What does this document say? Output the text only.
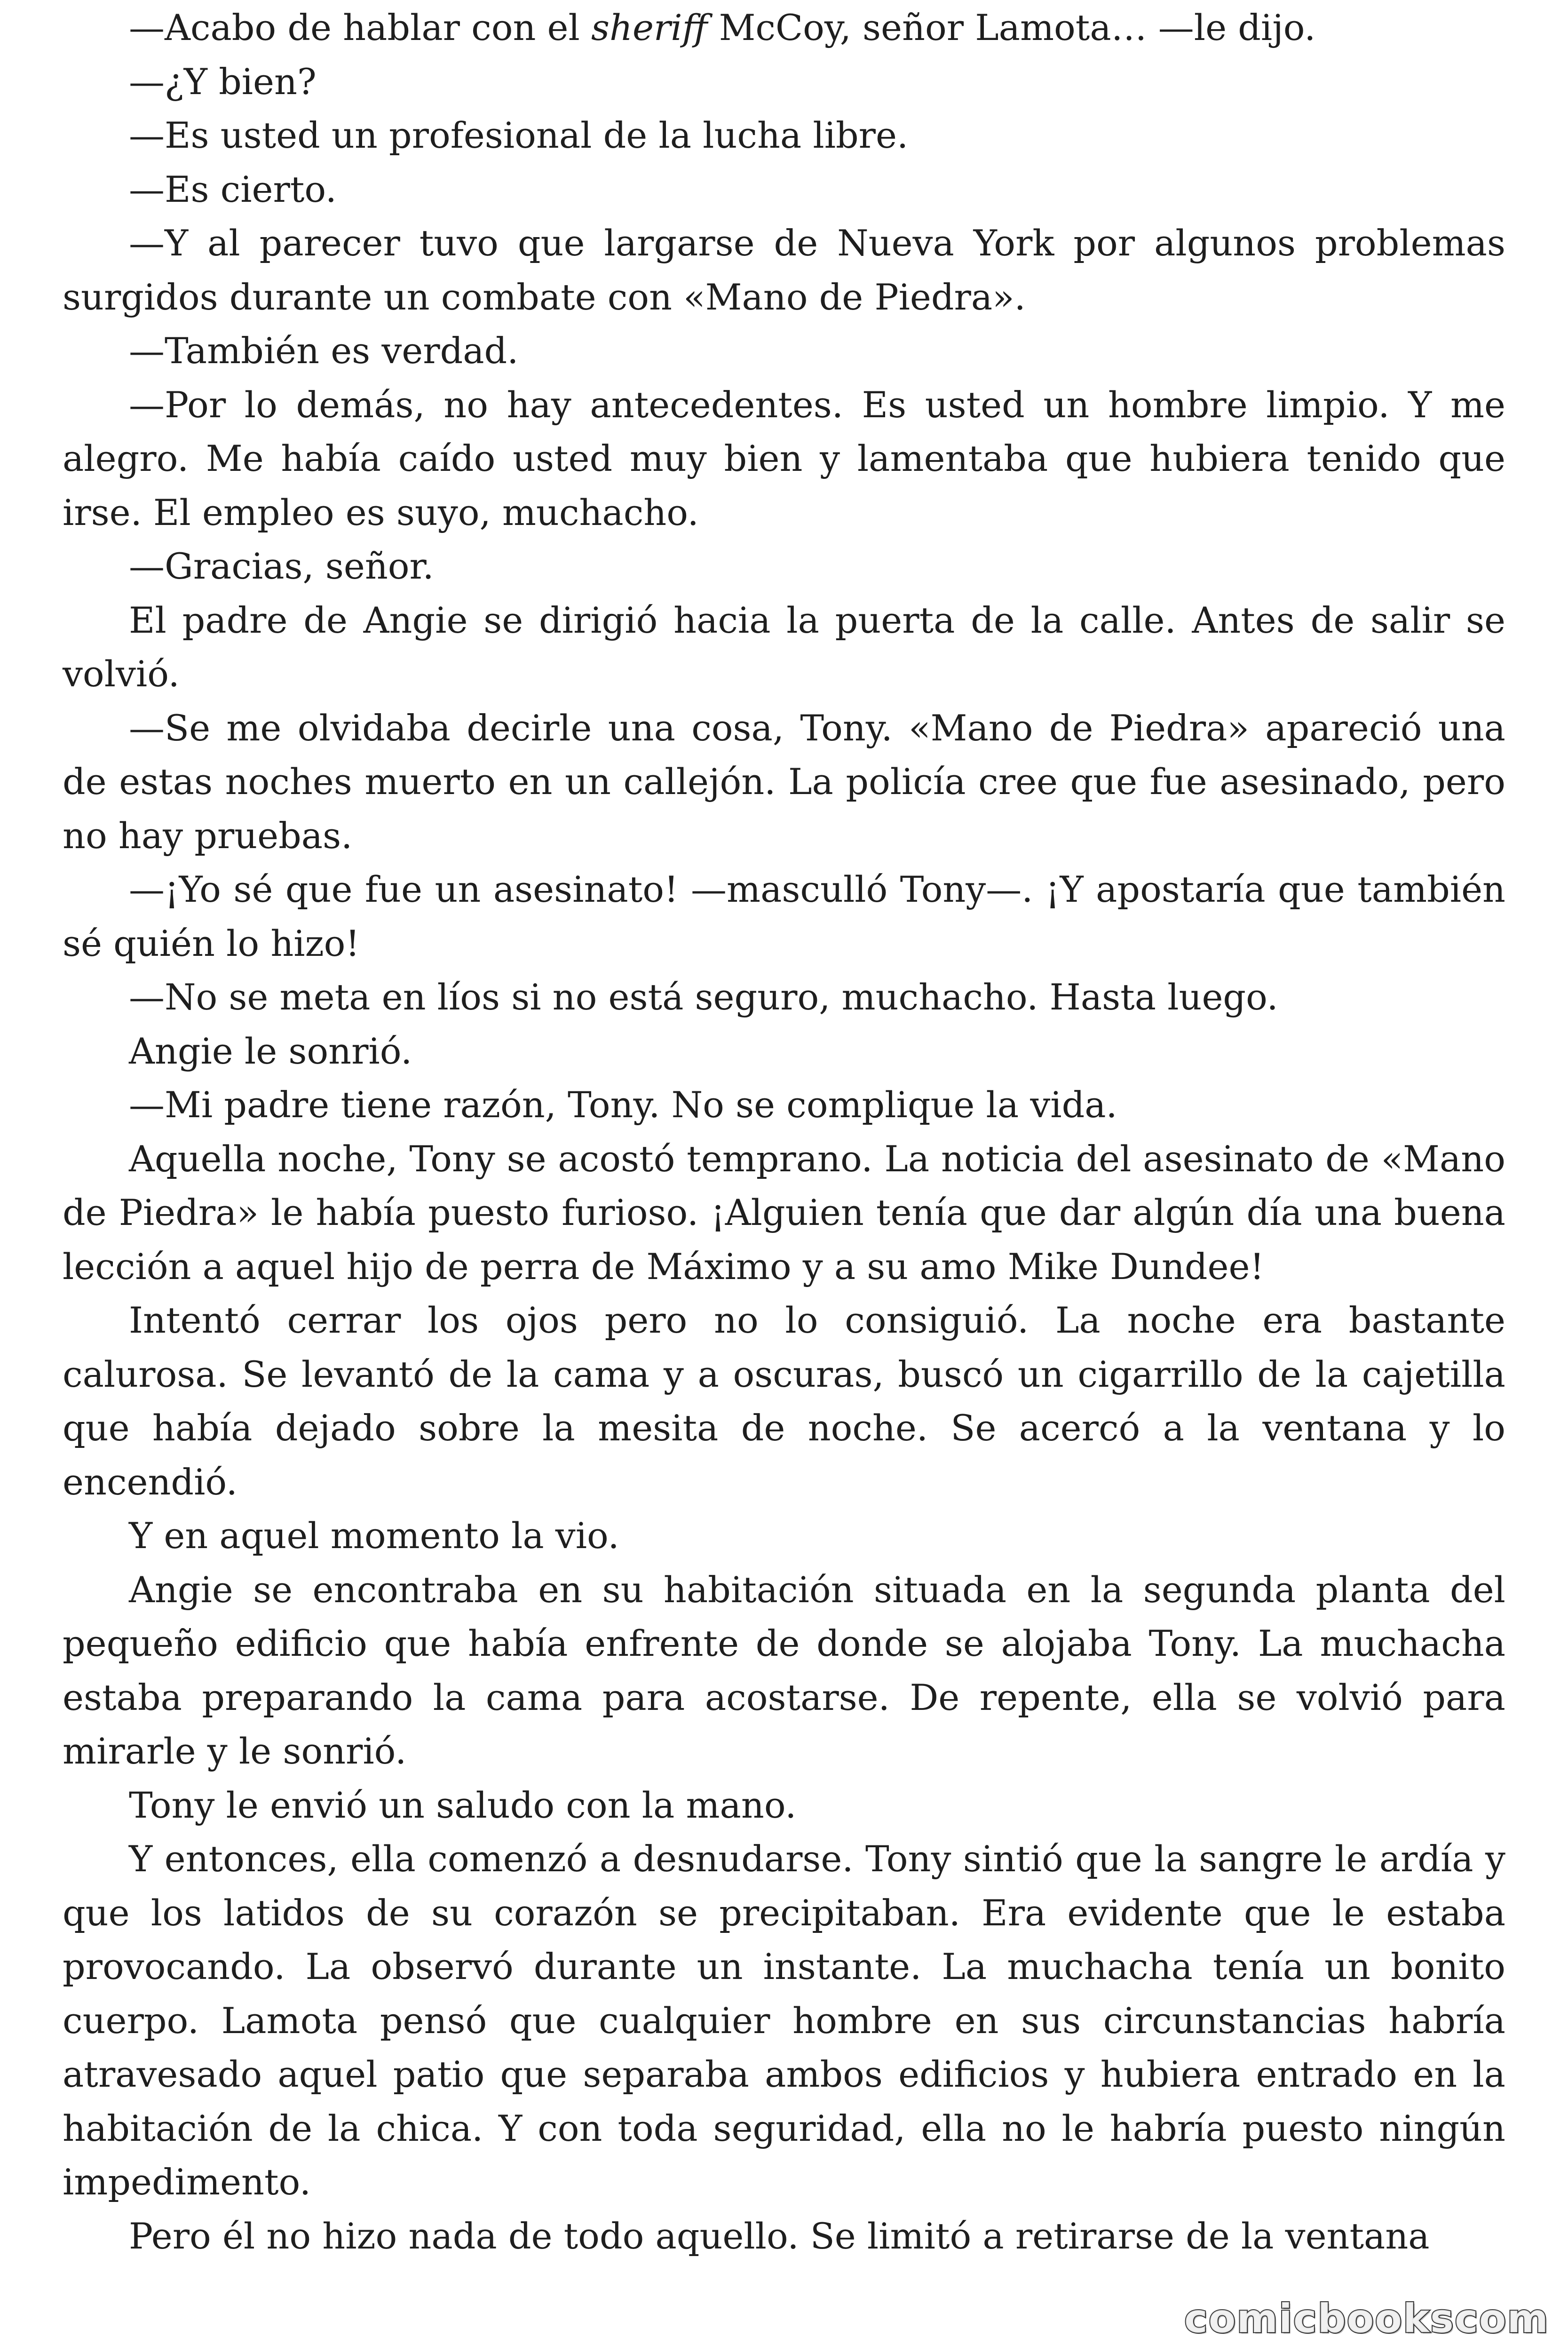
—Acabo de hablar con el sheriff McCoy, señor Lamota… —le dijo.

—¿Y bien?

—Es usted un profesional de la lucha libre.

—Es cierto.

—Y al parecer tuvo que largarse de Nueva York por algunos problemas surgidos durante un combate con «Mano de Piedra».

—También es verdad.

—Por lo demás, no hay antecedentes. Es usted un hombre limpio. Y me alegro. Me había caído usted muy bien y lamentaba que hubiera tenido que irse. El empleo es suyo, muchacho.

—Gracias, señor.

El padre de Angie se dirigió hacia la puerta de la calle. Antes de salir se volvió.

—Se me olvidaba decirle una cosa, Tony. «Mano de Piedra» apareció una de estas noches muerto en un callejón. La policía cree que fue asesinado, pero no hay pruebas.

—¡Yo sé que fue un asesinato! —masculló Tony—. ¡Y apostaría que también sé quién lo hizo!

—No se meta en líos si no está seguro, muchacho. Hasta luego.

Angie le sonrió.

—Mi padre tiene razón, Tony. No se complique la vida.

Aquella noche, Tony se acostó temprano. La noticia del asesinato de «Mano de Piedra» le había puesto furioso. ¡Alguien tenía que dar algún día una buena lección a aquel hijo de perra de Máximo y a su amo Mike Dundee!

Intentó cerrar los ojos pero no lo consiguió. La noche era bastante calurosa. Se levantó de la cama y a oscuras, buscó un cigarrillo de la cajetilla que había dejado sobre la mesita de noche. Se acercó a la ventana y lo encendió.

Y en aquel momento la vio.

Angie se encontraba en su habitación situada en la segunda planta del pequeño edificio que había enfrente de donde se alojaba Tony. La muchacha estaba preparando la cama para acostarse. De repente, ella se volvió para mirarle y le sonrió.

Tony le envió un saludo con la mano.

Y entonces, ella comenzó a desnudarse. Tony sintió que la sangre le ardía y que los latidos de su corazón se precipitaban. Era evidente que le estaba provocando. La observó durante un instante. La muchacha tenía un bonito cuerpo. Lamota pensó que cualquier hombre en sus circunstancias habría atravesado aquel patio que separaba ambos edificios y hubiera entrado en la habitación de la chica. Y con toda seguridad, ella no le habría puesto ningún impedimento.

Pero él no hizo nada de todo aquello. Se limitó a retirarse de la ventana

comicbookscom
